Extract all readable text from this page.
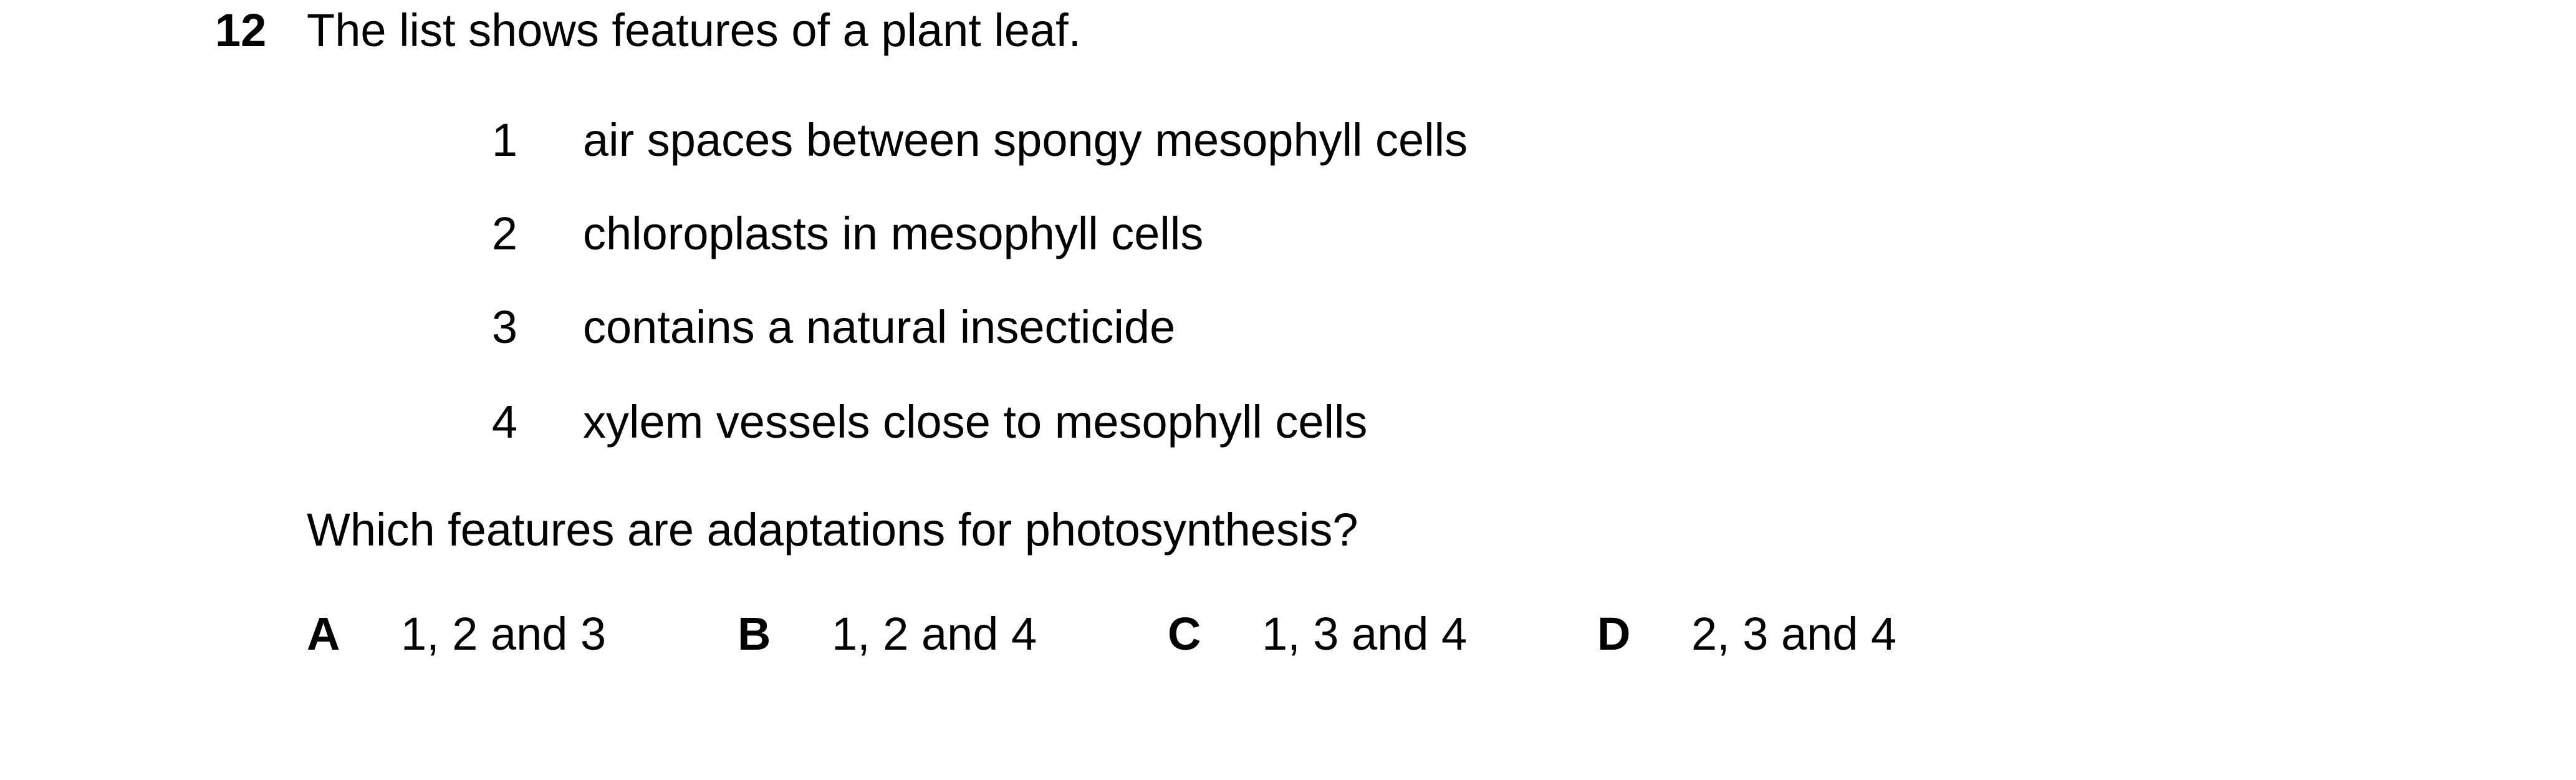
12 The list shows features of a plant leaf.
1 air spaces between spongy mesophyll cells
2 chloroplasts in mesophyll cells
3 contains a natural insecticide
4 xylem vessels close to mesophyll cells
Which features are adaptations for photosynthesis?
A 1, 2 and 3	B 1, 2 and 4	C 1, 3 and 4	D 2, 3 and 4
